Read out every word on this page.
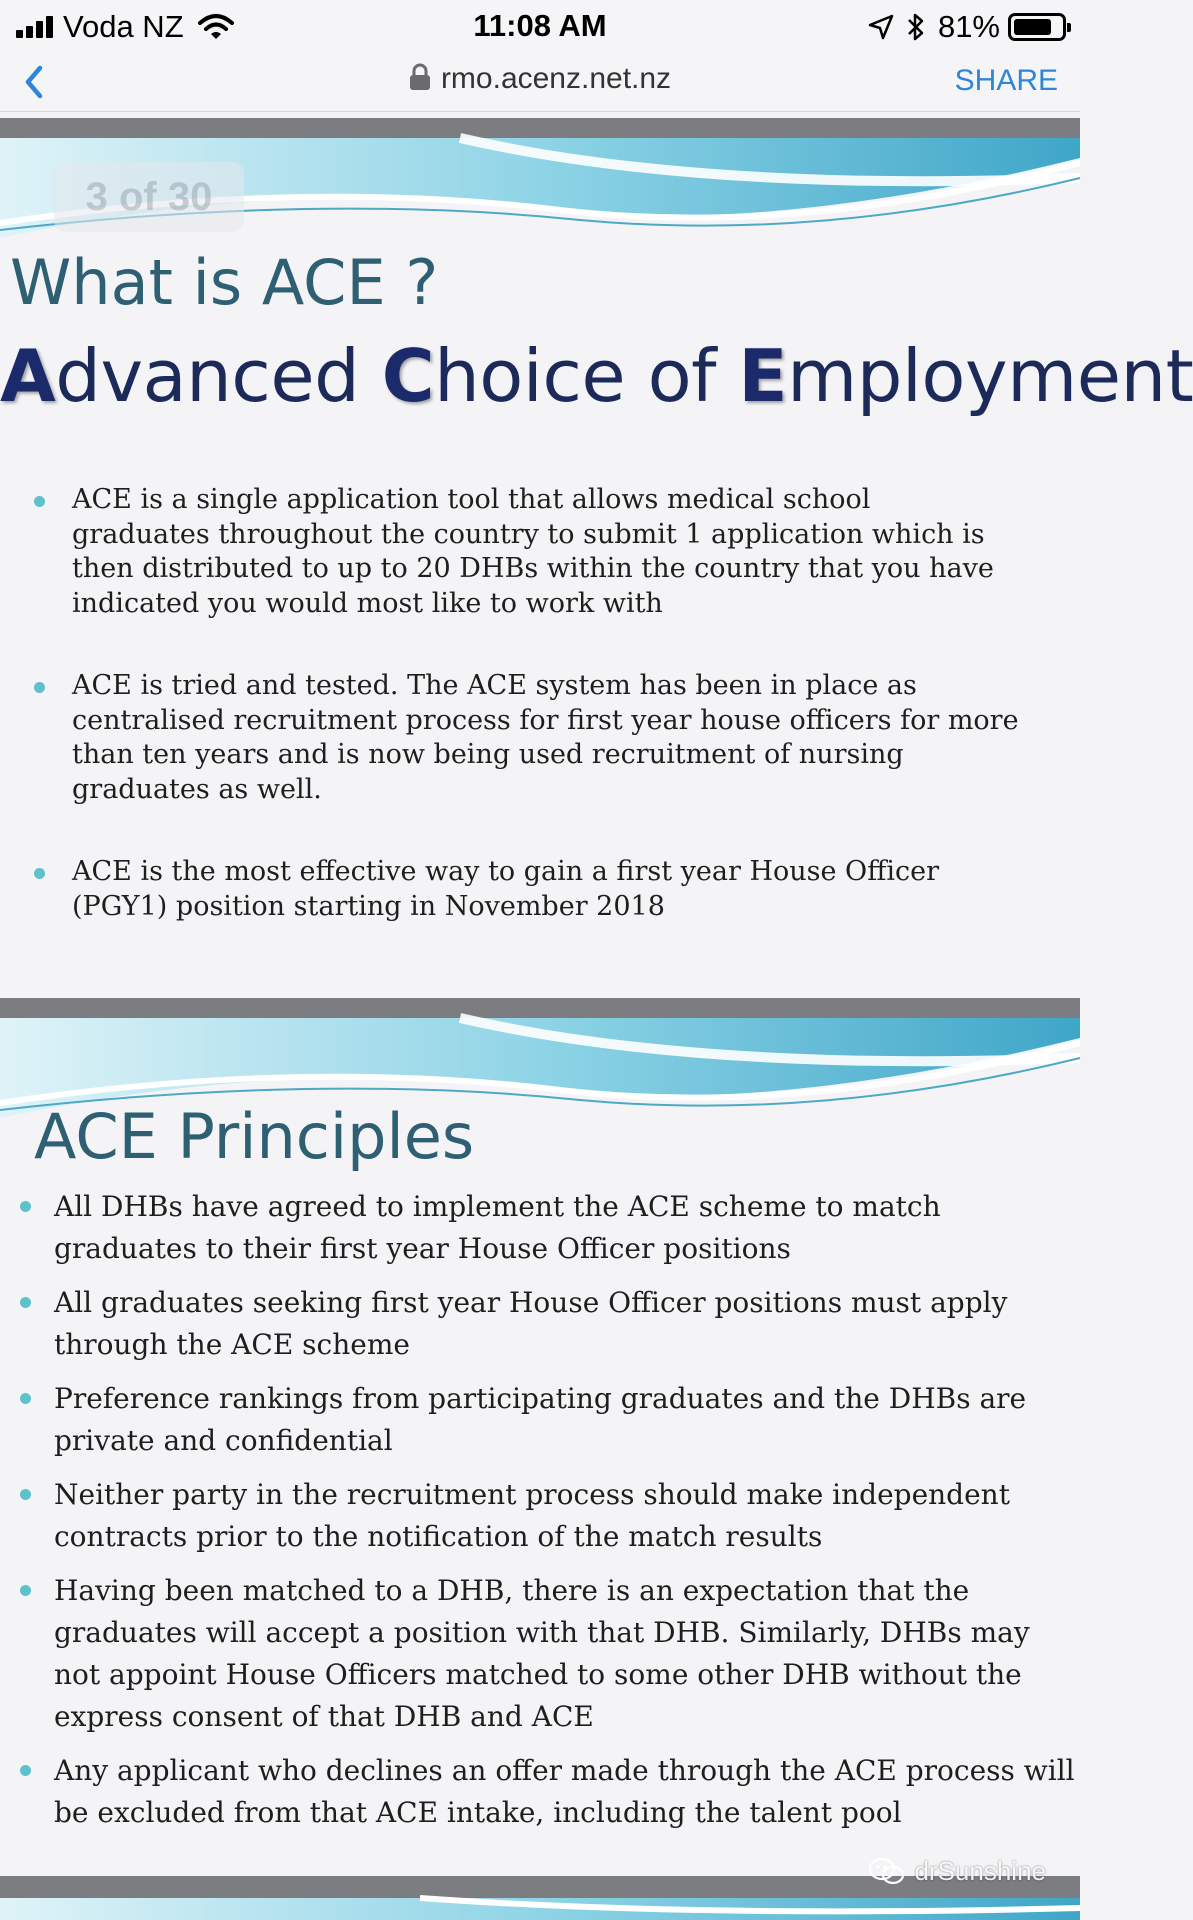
Voda NZ	11:08 AM	81%
rmo.acenz.net.nz	SHARE
3 of 30
What is ACE ?
Advanced Choice of Employment
ACE is a single application tool that allows medical school
graduates throughout the country to submit 1 application which is
then distributed to up to 20 DHBs within the country that you have
indicated you would most like to work with
ACE is tried and tested. The ACE system has been in place as
centralised recruitment process for first year house officers for more
than ten years and is now being used recruitment of nursing
graduates as well.
ACE is the most effective way to gain a first year House Officer
(PGY1) position starting in November 2018
ACE Principles
All DHBs have agreed to implement the ACE scheme to match
graduates to their first year House Officer positions
All graduates seeking first year House Officer positions must apply
through the ACE scheme
Preference rankings from participating graduates and the DHBs are
private and confidential
Neither party in the recruitment process should make independent
contracts prior to the notification of the match results
Having been matched to a DHB, there is an expectation that the
graduates will accept a position with that DHB. Similarly, DHBs may
not appoint House Officers matched to some other DHB without the
express consent of that DHB and ACE
Any applicant who declines an offer made through the ACE process will
be excluded from that ACE intake, including the talent pool
drSunshine
